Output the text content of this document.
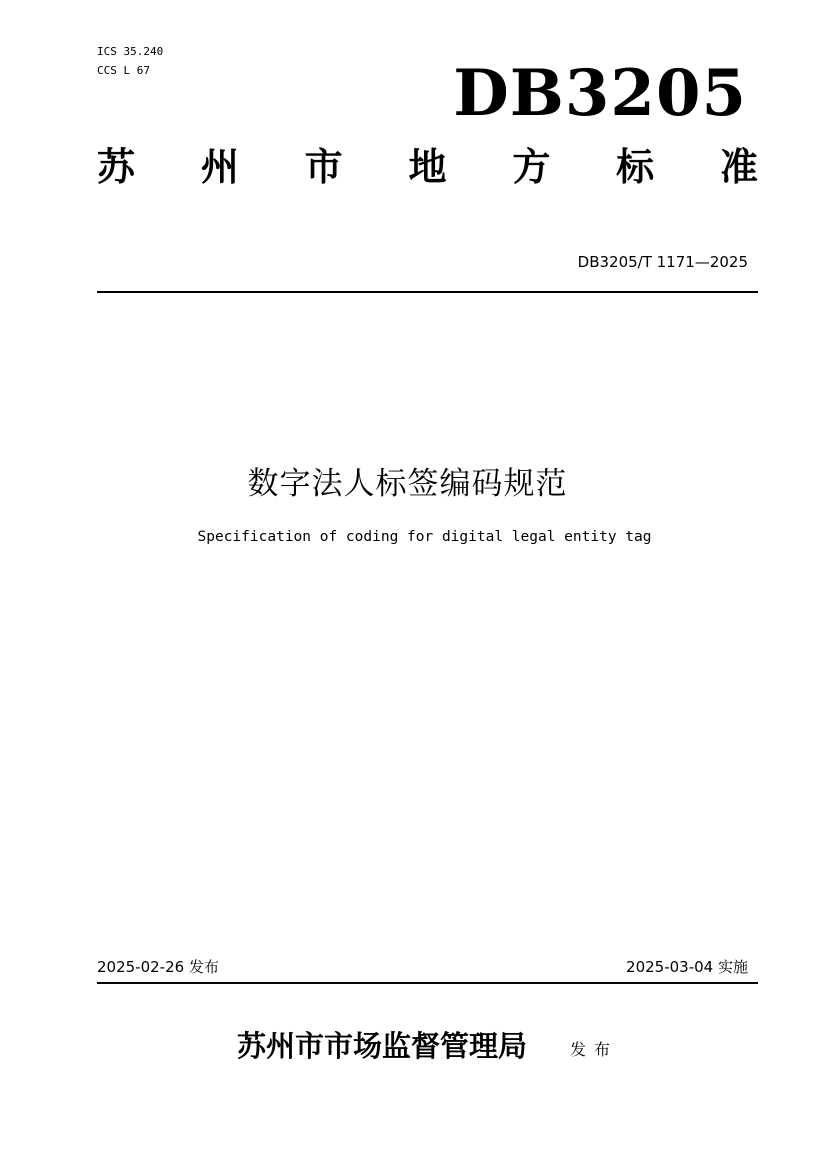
ICS 35.240
CCS L 67	DB3205
苏 州 市 地 方 标 准
DB3205/T 1171—2025
数字法人标签编码规范
Specification of coding for digital legal entity tag
2025-02-26 发布	2025-03-04 实施
苏州市市场监督管理局	发布
